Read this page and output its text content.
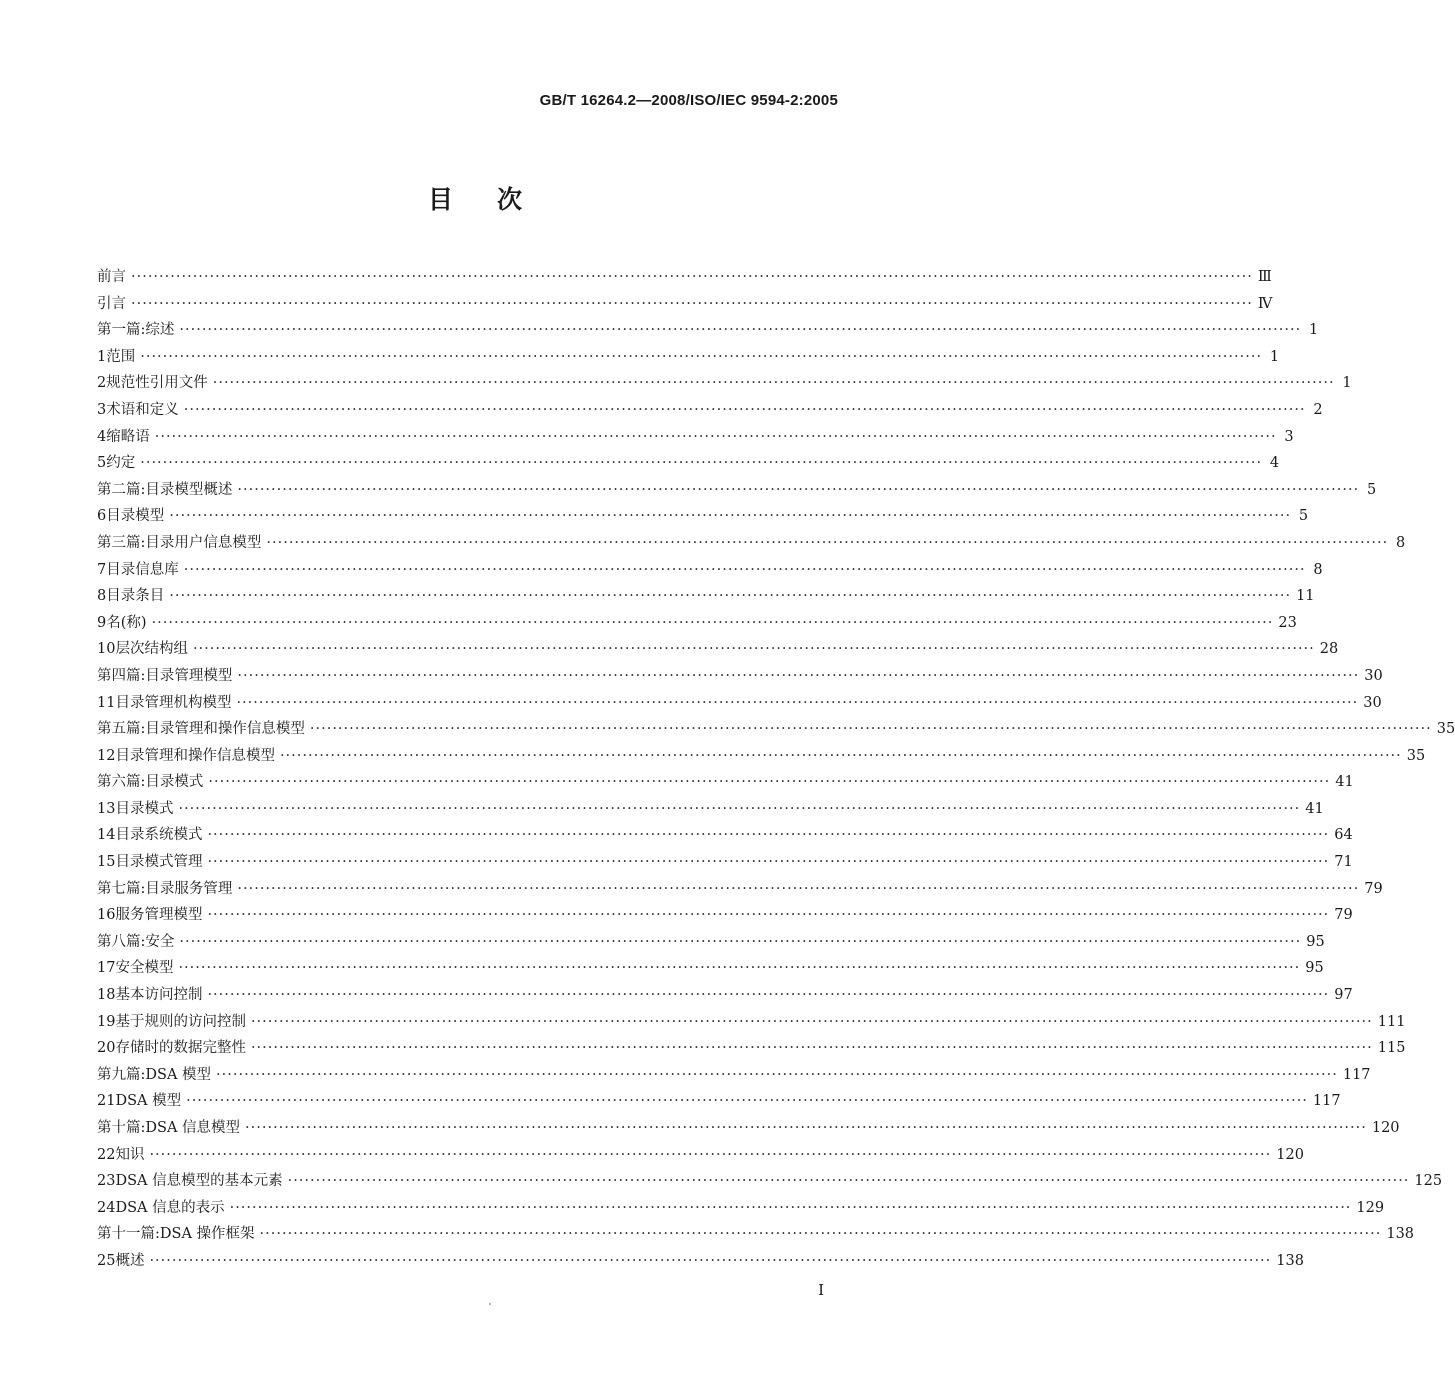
GB/T 16264.2—2008/ISO/IEC 9594-2:2005
目 次
前言 ········································································································································································································ Ⅲ
引言 ········································································································································································································ Ⅳ
第一篇:综述 ········································································································································································································ 1
1 范围 ········································································································································································································ 1
2 规范性引用文件 ········································································································································································································ 1
3 术语和定义 ········································································································································································································ 2
4 缩略语 ········································································································································································································ 3
5 约定 ········································································································································································································ 4
第二篇:目录模型概述 ········································································································································································································ 5
6 目录模型 ········································································································································································································ 5
第三篇:目录用户信息模型 ········································································································································································································ 8
7 目录信息库 ········································································································································································································ 8
8 目录条目 ········································································································································································································ 11
9 名(称) ········································································································································································································ 23
10 层次结构组 ········································································································································································································ 28
第四篇:目录管理模型 ········································································································································································································ 30
11 目录管理机构模型 ········································································································································································································ 30
第五篇:目录管理和操作信息模型 ········································································································································································································ 35
12 目录管理和操作信息模型 ········································································································································································································ 35
第六篇:目录模式 ········································································································································································································ 41
13 目录模式 ········································································································································································································ 41
14 目录系统模式 ········································································································································································································ 64
15 目录模式管理 ········································································································································································································ 71
第七篇:目录服务管理 ········································································································································································································ 79
16 服务管理模型 ········································································································································································································ 79
第八篇:安全 ········································································································································································································ 95
17 安全模型 ········································································································································································································ 95
18 基本访问控制 ········································································································································································································ 97
19 基于规则的访问控制 ········································································································································································································ 111
20 存储时的数据完整性 ········································································································································································································ 115
第九篇:DSA 模型 ········································································································································································································ 117
21 DSA 模型 ········································································································································································································ 117
第十篇:DSA 信息模型 ········································································································································································································ 120
22 知识 ········································································································································································································ 120
23 DSA 信息模型的基本元素 ········································································································································································································ 125
24 DSA 信息的表示 ········································································································································································································ 129
第十一篇:DSA 操作框架 ········································································································································································································ 138
25 概述 ········································································································································································································ 138
I
